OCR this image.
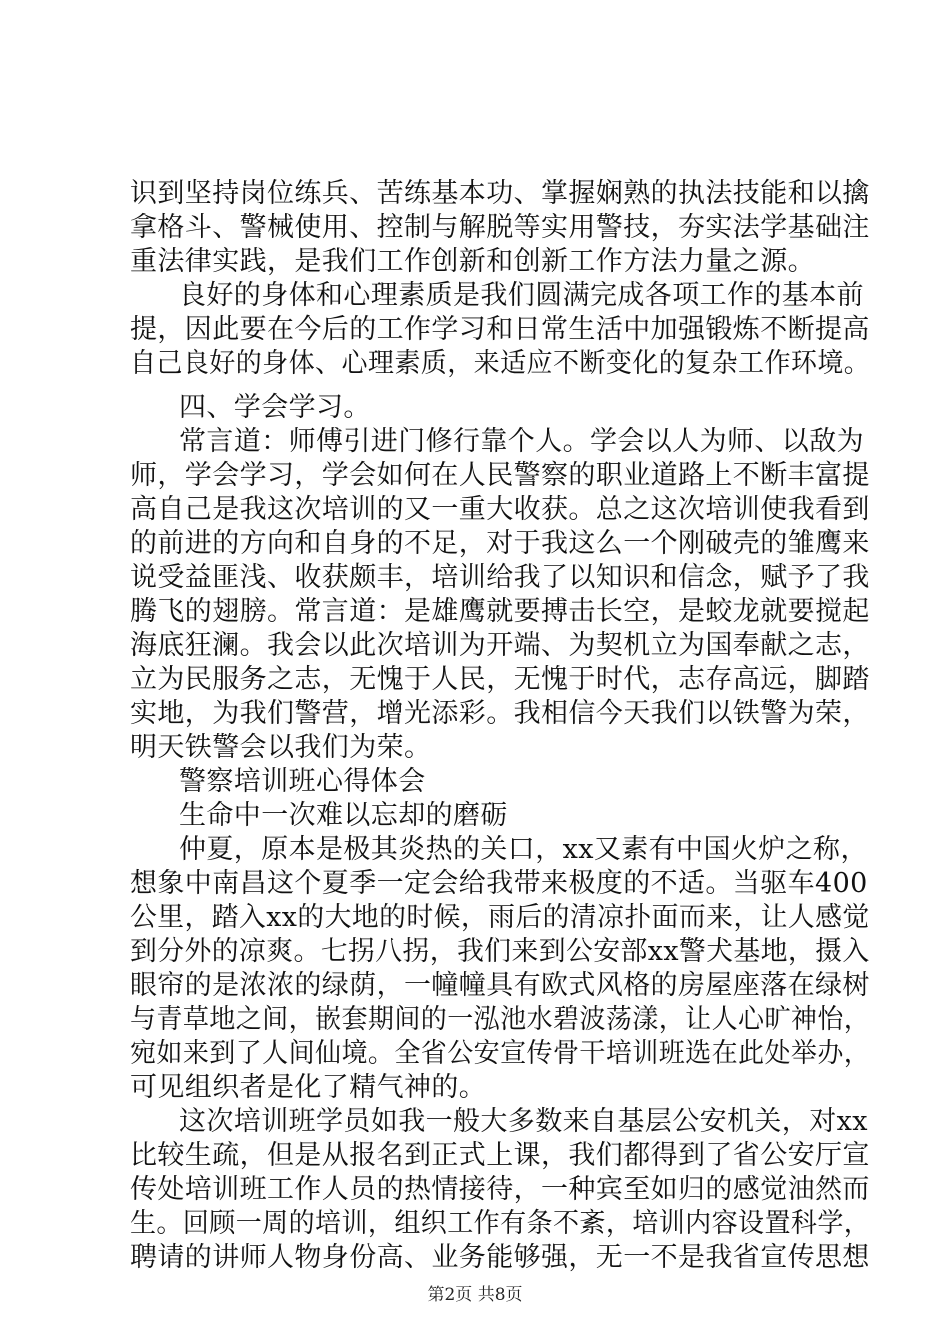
识到坚持岗位练兵、苦练基本功、掌握娴熟的执法技能和以擒
拿格斗、警械使用、控制与解脱等实用警技，夯实法学基础注
重法律实践，是我们工作创新和创新工作方法力量之源。
良好的身体和心理素质是我们圆满完成各项工作的基本前
提，因此要在今后的工作学习和日常生活中加强锻炼不断提高
自己良好的身体、心理素质，来适应不断变化的复杂工作环境。
四、学会学习。
常言道：师傅引进门修行靠个人。学会以人为师、以敌为
师，学会学习，学会如何在人民警察的职业道路上不断丰富提
高自己是我这次培训的又一重大收获。总之这次培训使我看到
的前进的方向和自身的不足，对于我这么一个刚破壳的雏鹰来
说受益匪浅、收获颇丰，培训给我了以知识和信念，赋予了我
腾飞的翅膀。常言道：是雄鹰就要搏击长空，是蛟龙就要搅起
海底狂澜。我会以此次培训为开端、为契机立为国奉献之志，
立为民服务之志，无愧于人民，无愧于时代，志存高远，脚踏
实地，为我们警营，增光添彩。我相信今天我们以铁警为荣，
明天铁警会以我们为荣。
警察培训班心得体会
生命中一次难以忘却的磨砺
仲夏，原本是极其炎热的关口，xx又素有中国火炉之称，
想象中南昌这个夏季一定会给我带来极度的不适。当驱车400
公里，踏入xx的大地的时候，雨后的清凉扑面而来，让人感觉
到分外的凉爽。七拐八拐，我们来到公安部xx警犬基地，摄入
眼帘的是浓浓的绿荫，一幢幢具有欧式风格的房屋座落在绿树
与青草地之间，嵌套期间的一泓池水碧波荡漾，让人心旷神怡，
宛如来到了人间仙境。全省公安宣传骨干培训班选在此处举办，
可见组织者是化了精气神的。
这次培训班学员如我一般大多数来自基层公安机关，对xx
比较生疏，但是从报名到正式上课，我们都得到了省公安厅宣
传处培训班工作人员的热情接待，一种宾至如归的感觉油然而
生。回顾一周的培训，组织工作有条不紊，培训内容设置科学，
聘请的讲师人物身份高、业务能够强，无一不是我省宣传思想
第2页 共8页
